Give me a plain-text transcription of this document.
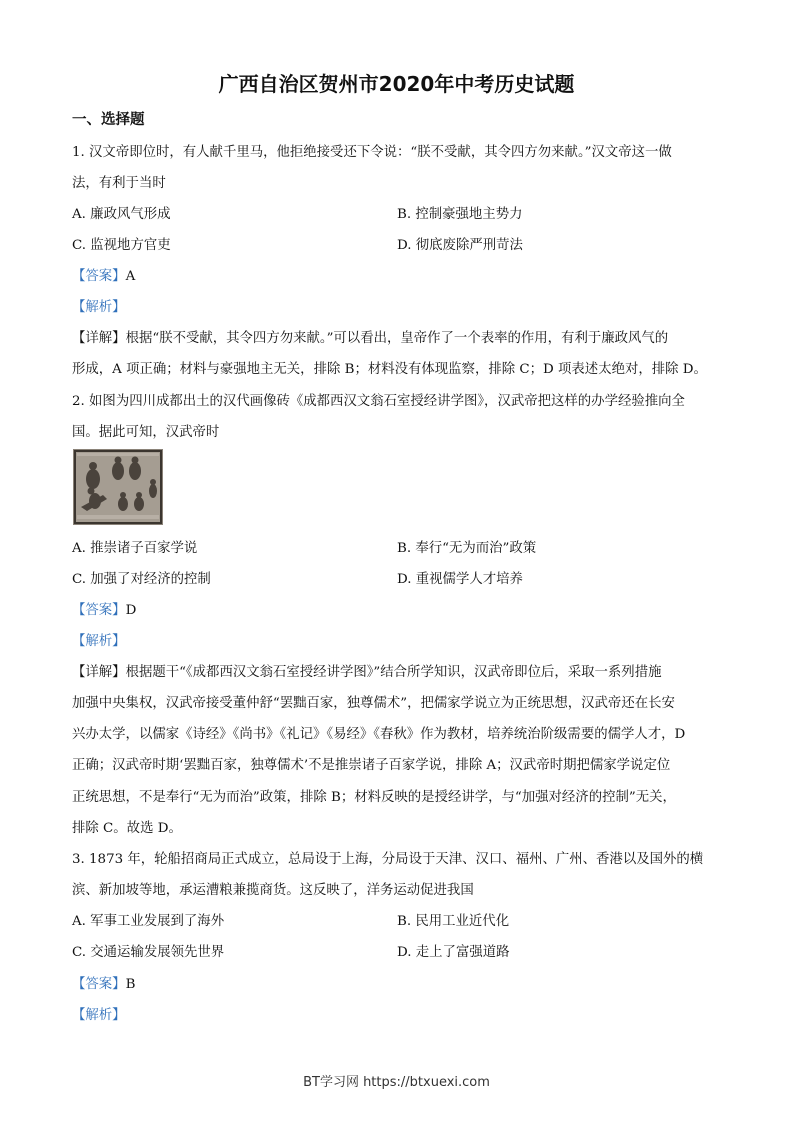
广西自治区贺州市2020年中考历史试题
一、选择题
1. 汉文帝即位时，有人献千里马，他拒绝接受还下令说：“朕不受献，其令四方勿来献。”汉文帝这一做
法，有利于当时
A. 廉政风气形成	B. 控制豪强地主势力
C. 监视地方官吏	D. 彻底废除严刑苛法
【答案】A
【解析】
【详解】根据“朕不受献，其令四方勿来献。”可以看出，皇帝作了一个表率的作用，有利于廉政风气的
形成，A 项正确；材料与豪强地主无关，排除 B；材料没有体现监察，排除 C；D 项表述太绝对，排除 D。
2. 如图为四川成都出土的汉代画像砖《成都西汉文翁石室授经讲学图》，汉武帝把这样的办学经验推向全
国。据此可知，汉武帝时
A. 推崇诸子百家学说	B. 奉行“无为而治”政策
C. 加强了对经济的控制	D. 重视儒学人才培养
【答案】D
【解析】
【详解】根据题干“《成都西汉文翁石室授经讲学图》”结合所学知识，汉武帝即位后，采取一系列措施
加强中央集权，汉武帝接受董仲舒“罢黜百家，独尊儒术”，把儒家学说立为正统思想，汉武帝还在长安
兴办太学，以儒家《诗经》《尚书》《礼记》《易经》《春秋》作为教材，培养统治阶级需要的儒学人才，D
正确；汉武帝时期‘罢黜百家，独尊儒术’不是推崇诸子百家学说，排除 A；汉武帝时期把儒家学说定位
正统思想，不是奉行“无为而治”政策，排除 B；材料反映的是授经讲学，与“加强对经济的控制”无关，
排除 C。故选 D。
3. 1873 年，轮船招商局正式成立，总局设于上海，分局设于天津、汉口、福州、广州、香港以及国外的横
滨、新加坡等地，承运漕粮兼揽商货。这反映了，洋务运动促进我国
A. 军事工业发展到了海外	B. 民用工业近代化
C. 交通运输发展领先世界	D. 走上了富强道路
【答案】B
【解析】
BT学习网 https://btxuexi.com
